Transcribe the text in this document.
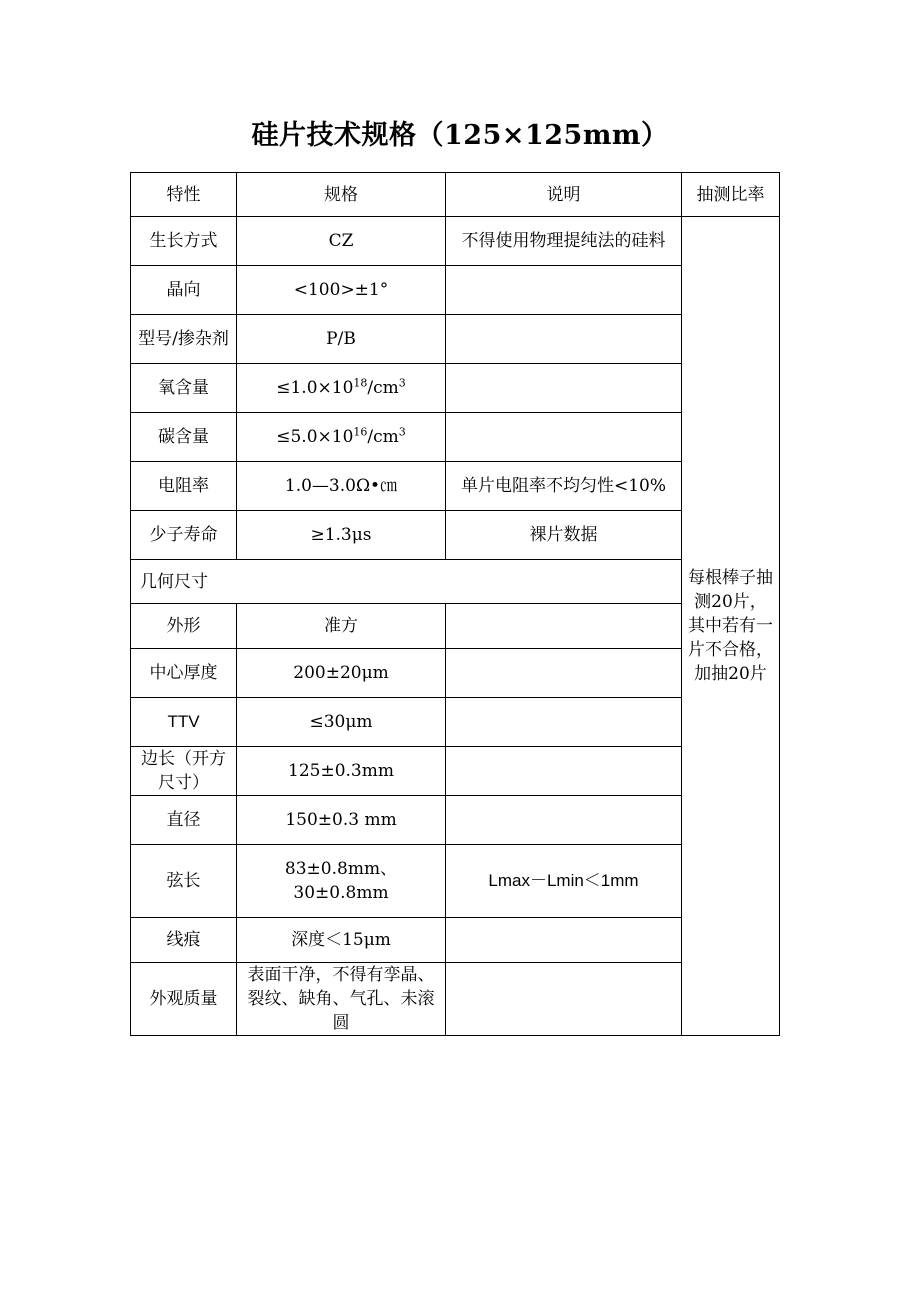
硅片技术规格（125×125mm）
特性	规格	说明	抽测比率
生长方式	CZ	不得使用物理提纯法的硅料	每根棒子抽测20片，其中若有一片不合格，加抽20片
晶向	<100>±1°		
型号/掺杂剂	P/B		
氧含量	$\le 1.0\times 10^{18}/cm^3$	
碳含量	$\le 5.0\times 10^{16}/cm^3$	
电阻率	1.0—3.0Ω•㎝	单片电阻率不均匀性<10%	
少子寿命	≥1.3μs	裸片数据	
几何尺寸			
外形	准方		
中心厚度	200±20μm		
TTV	≤30μm		
边长（开方尺寸）	125±0.3mm		
直径	150±0.3 mm		
弦长	83±0.8mm、30±0.8mm	Lmax－Lmin＜1mm	
线痕	深度＜15μm		
外观质量	表面干净，不得有孪晶、裂纹、缺角、气孔、未滚圆		
